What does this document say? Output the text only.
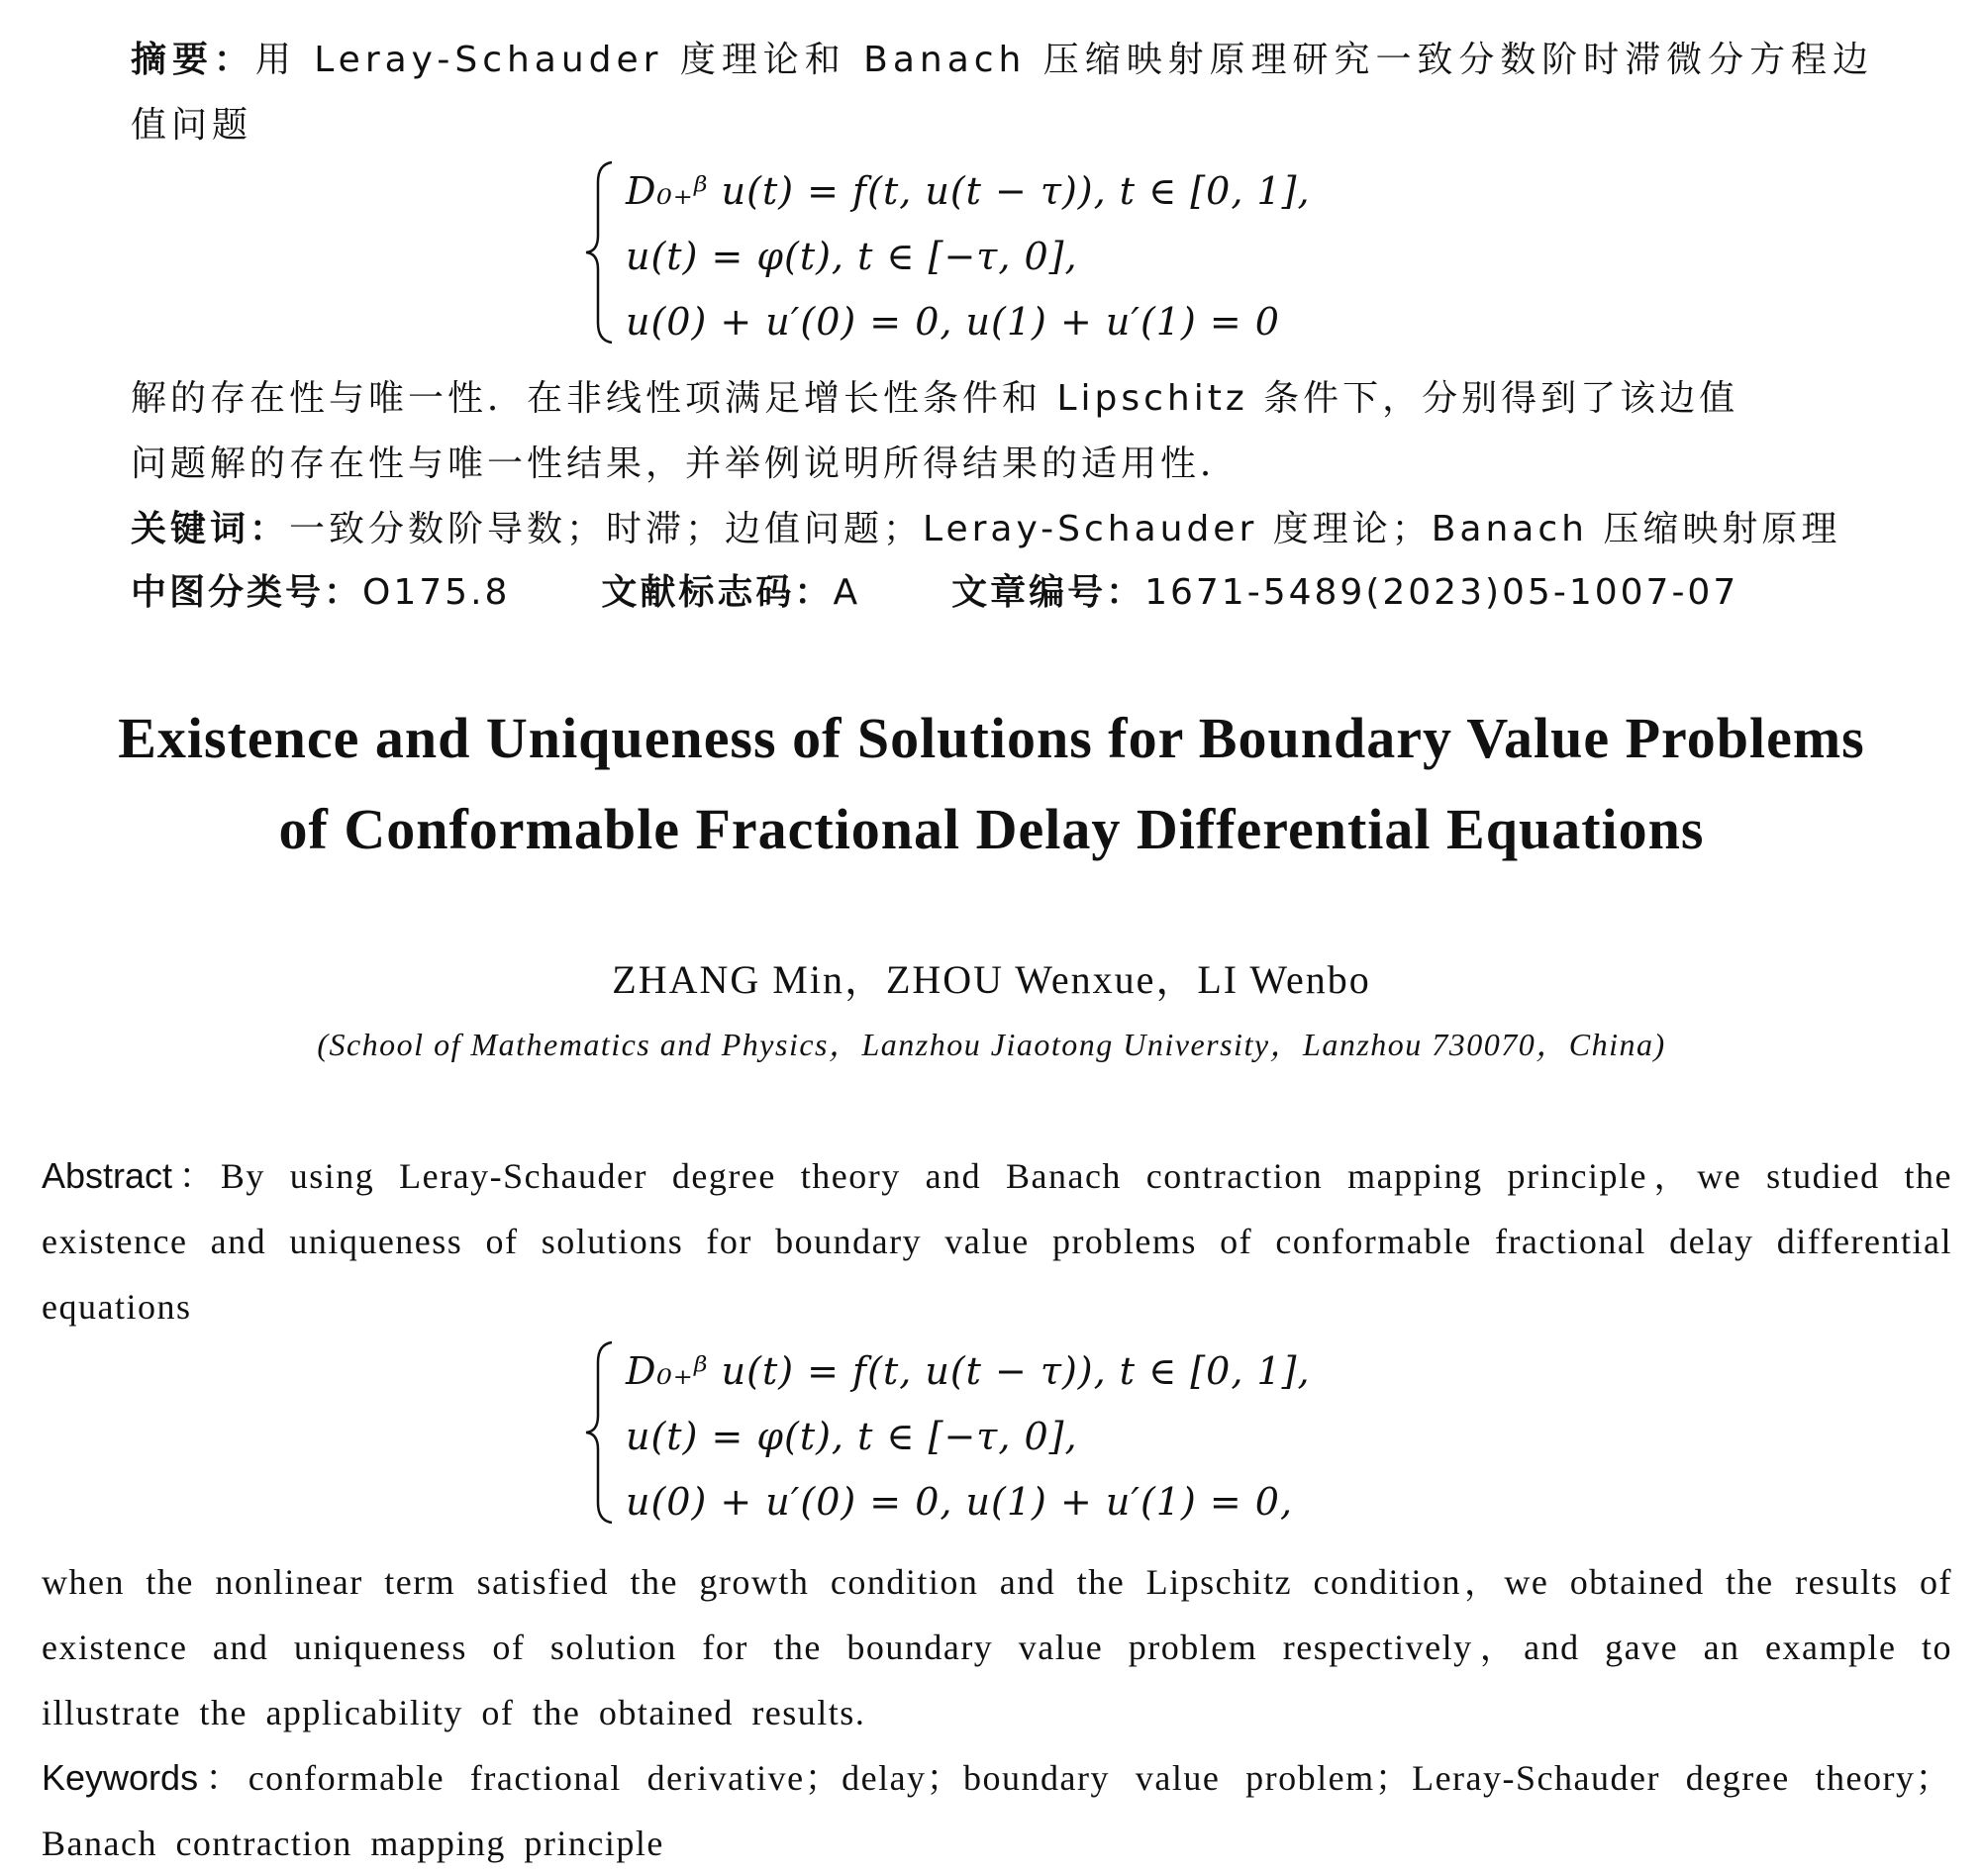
摘要：用 Leray-Schauder 度理论和 Banach 压缩映射原理研究一致分数阶时滞微分方程边值问题

D₀₊ᵝ u(t) = f(t, u(t − τ)), t ∈ [0, 1],
u(t) = φ(t), t ∈ [−τ, 0],
u(0) + u′(0) = 0, u(1) + u′(1) = 0
解的存在性与唯一性．在非线性项满足增长性条件和 Lipschitz 条件下，分别得到了该边值
问题解的存在性与唯一性结果，并举例说明所得结果的适用性．
关键词：一致分数阶导数；时滞；边值问题；Leray-Schauder 度理论；Banach 压缩映射原理
中图分类号：O175.8	文献标志码：A	文章编号：1671-5489(2023)05-1007-07
Existence and Uniqueness of Solutions for Boundary Value Problems
of Conformable Fractional Delay Differential Equations
ZHANG Min，ZHOU Wenxue，LI Wenbo
(School of Mathematics and Physics，Lanzhou Jiaotong University，Lanzhou 730070，China)

Abstract：By using Leray-Schauder degree theory and Banach contraction mapping principle，we studied the existence and uniqueness of solutions for boundary value problems of conformable fractional delay differential equations

D₀₊ᵝ u(t) = f(t, u(t − τ)), t ∈ [0, 1],
u(t) = φ(t), t ∈ [−τ, 0],
u(0) + u′(0) = 0, u(1) + u′(1) = 0,

when the nonlinear term satisfied the growth condition and the Lipschitz condition，we obtained the results of existence and uniqueness of solution for the boundary value problem respectively，and gave an example to illustrate the applicability of the obtained results.

Keywords：conformable fractional derivative；delay；boundary value problem；Leray-Schauder degree theory；Banach contraction mapping principle
